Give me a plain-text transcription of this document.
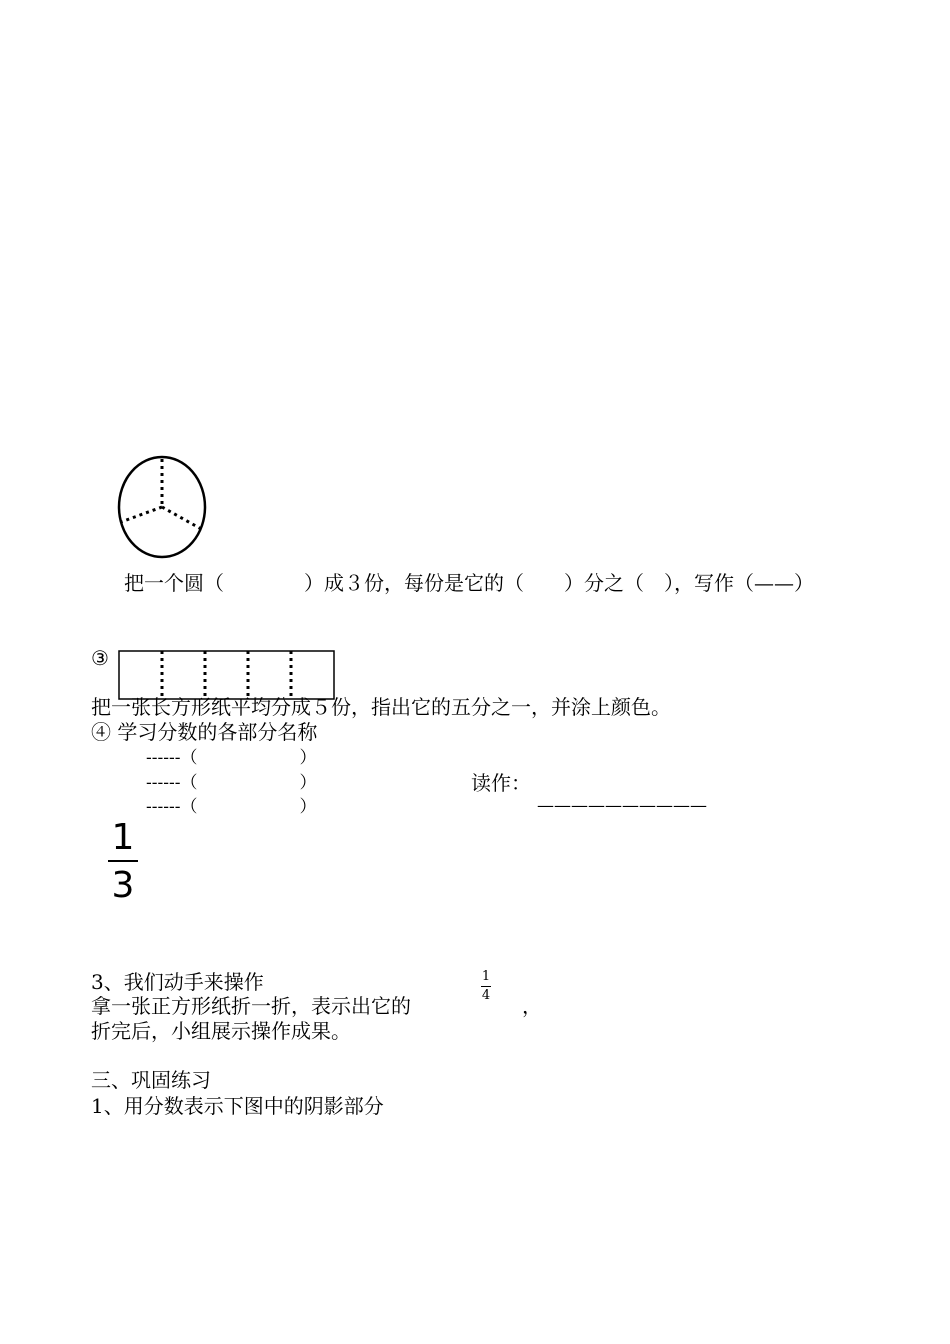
把一个圆（　　　　）成３份，每份是它的（　　）分之（　），写作（——）
③
把一张长方形纸平均分成５份，指出它的五分之一，并涂上颜色。
④ 学习分数的各部分名称
------（　　　　　　）
------（　　　　　　）
------（　　　　　　）
读作：
——————————
1
3
3、我们动手来操作
拿一张正方形纸折一折，表示出它的
1
4 ，
折完后，小组展示操作成果。
三、巩固练习
1、用分数表示下图中的阴影部分
